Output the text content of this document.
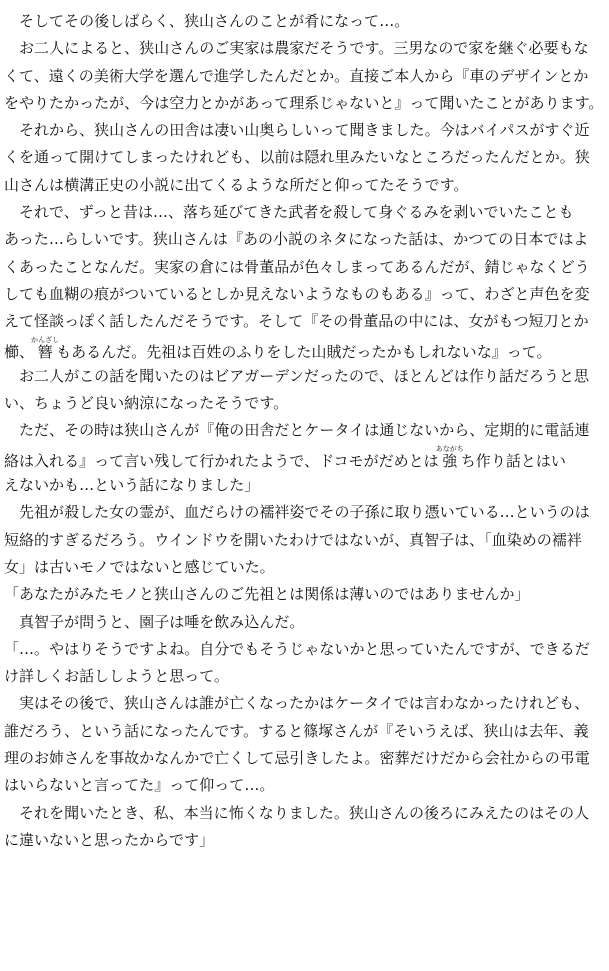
　そしてその後しばらく、狭山さんのことが肴になって…。
　お二人によると、狭山さんのご実家は農家だそうです。三男なので家を継ぐ必要もな
くて、遠くの美術大学を選んで進学したんだとか。直接ご本人から『車のデザインとか
をやりたかったが、今は空力とかがあって理系じゃないと』って聞いたことがあります。
　それから、狭山さんの田舎は凄い山奥らしいって聞きました。今はバイパスがすぐ近
くを通って開けてしまったけれども、以前は隠れ里みたいなところだったんだとか。狭
山さんは横溝正史の小説に出てくるような所だと仰ってたそうです。
　それで、ずっと昔は…、落ち延びてきた武者を殺して身ぐるみを剥いでいたことも
あった…らしいです。狭山さんは『あの小説のネタになった話は、かつての日本ではよ
くあったことなんだ。実家の倉には骨董品が色々しまってあるんだが、錆じゃなくどう
しても血糊の痕がついているとしか見えないようなものもある』って、わざと声色を変
えて怪談っぽく話したんだそうです。そして『その骨董品の中には、女がもつ短刀とか
櫛、簪かんざしもあるんだ。先祖は百姓のふりをした山賊だったかもしれないな』って。
　お二人がこの話を聞いたのはビアガーデンだったので、ほとんどは作り話だろうと思
い、ちょうど良い納涼になったそうです。
　ただ、その時は狭山さんが『俺の田舎だとケータイは通じないから、定期的に電話連
絡は入れる』って言い残して行かれたようで、ドコモがだめとは強あながちち作り話とはい
えないかも…という話になりました」
　先祖が殺した女の霊が、血だらけの襦袢姿でその子孫に取り憑いている…というのは
短絡的すぎるだろう。ウインドウを開いたわけではないが、真智子は、「血染めの襦袢
女」は古いモノではないと感じていた。
「あなたがみたモノと狭山さんのご先祖とは関係は薄いのではありませんか」
　真智子が問うと、園子は唾を飲み込んだ。
「…。やはりそうですよね。自分でもそうじゃないかと思っていたんですが、できるだ
け詳しくお話ししようと思って。
　実はその後で、狭山さんは誰が亡くなったかはケータイでは言わなかったけれども、
誰だろう、という話になったんです。すると篠塚さんが『そいうえば、狭山は去年、義
理のお姉さんを事故かなんかで亡くして忌引きしたよ。密葬だけだから会社からの弔電
はいらないと言ってた』って仰って…。
　それを聞いたとき、私、本当に怖くなりました。狭山さんの後ろにみえたのはその人
に違いないと思ったからです」
